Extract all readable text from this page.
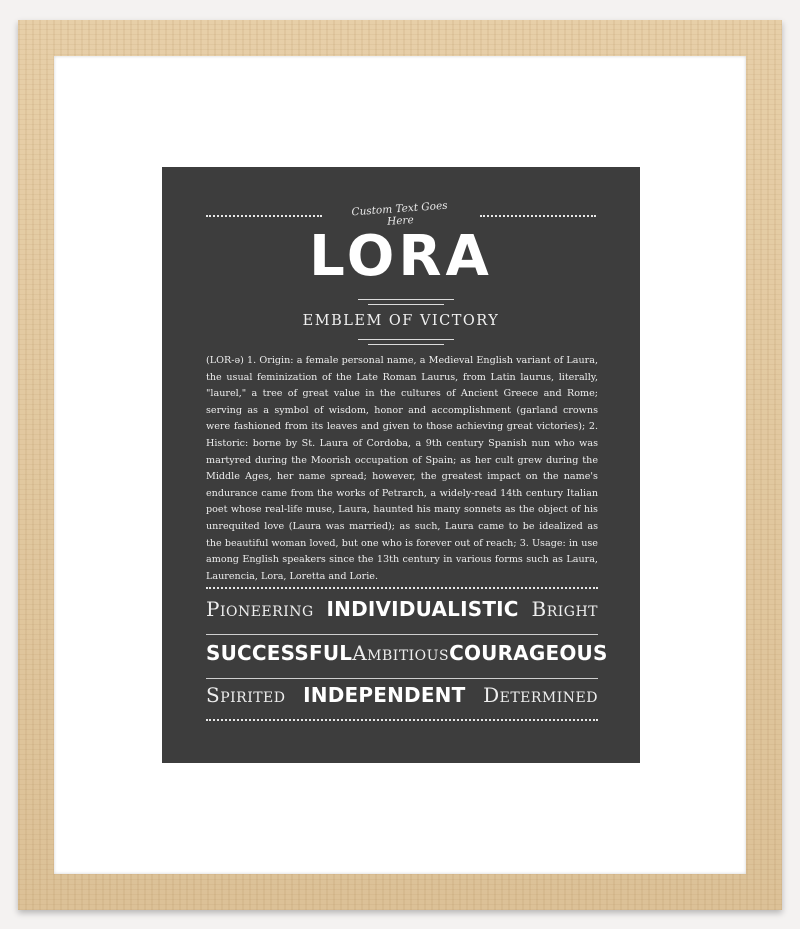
Custom Text Goes Here
LORA
EMBLEM OF VICTORY
(LOR-ə) 1. Origin: a female personal name, a Medieval English variant of Laura, the usual feminization of the Late Roman Laurus, from Latin laurus, literally, "laurel," a tree of great value in the cultures of Ancient Greece and Rome; serving as a symbol of wisdom, honor and accomplishment (garland crowns were fashioned from its leaves and given to those achieving great victories); 2. Historic: borne by St. Laura of Cordoba, a 9th century Spanish nun who was martyred during the Moorish occupation of Spain; as her cult grew during the Middle Ages, her name spread; however, the greatest impact on the name's endurance came from the works of Petrarch, a widely-read 14th century Italian poet whose real-life muse, Laura, haunted his many sonnets as the object of his unrequited love (Laura was married); as such, Laura came to be idealized as the beautiful woman loved, but one who is forever out of reach; 3. Usage: in use among English speakers since the 13th century in various forms such as Laura, Laurencia, Lora, Loretta and Lorie.
Pioneering INDIVIDUALISTIC Bright
SUCCESSFUL Ambitious COURAGEOUS
Spirited INDEPENDENT Determined
